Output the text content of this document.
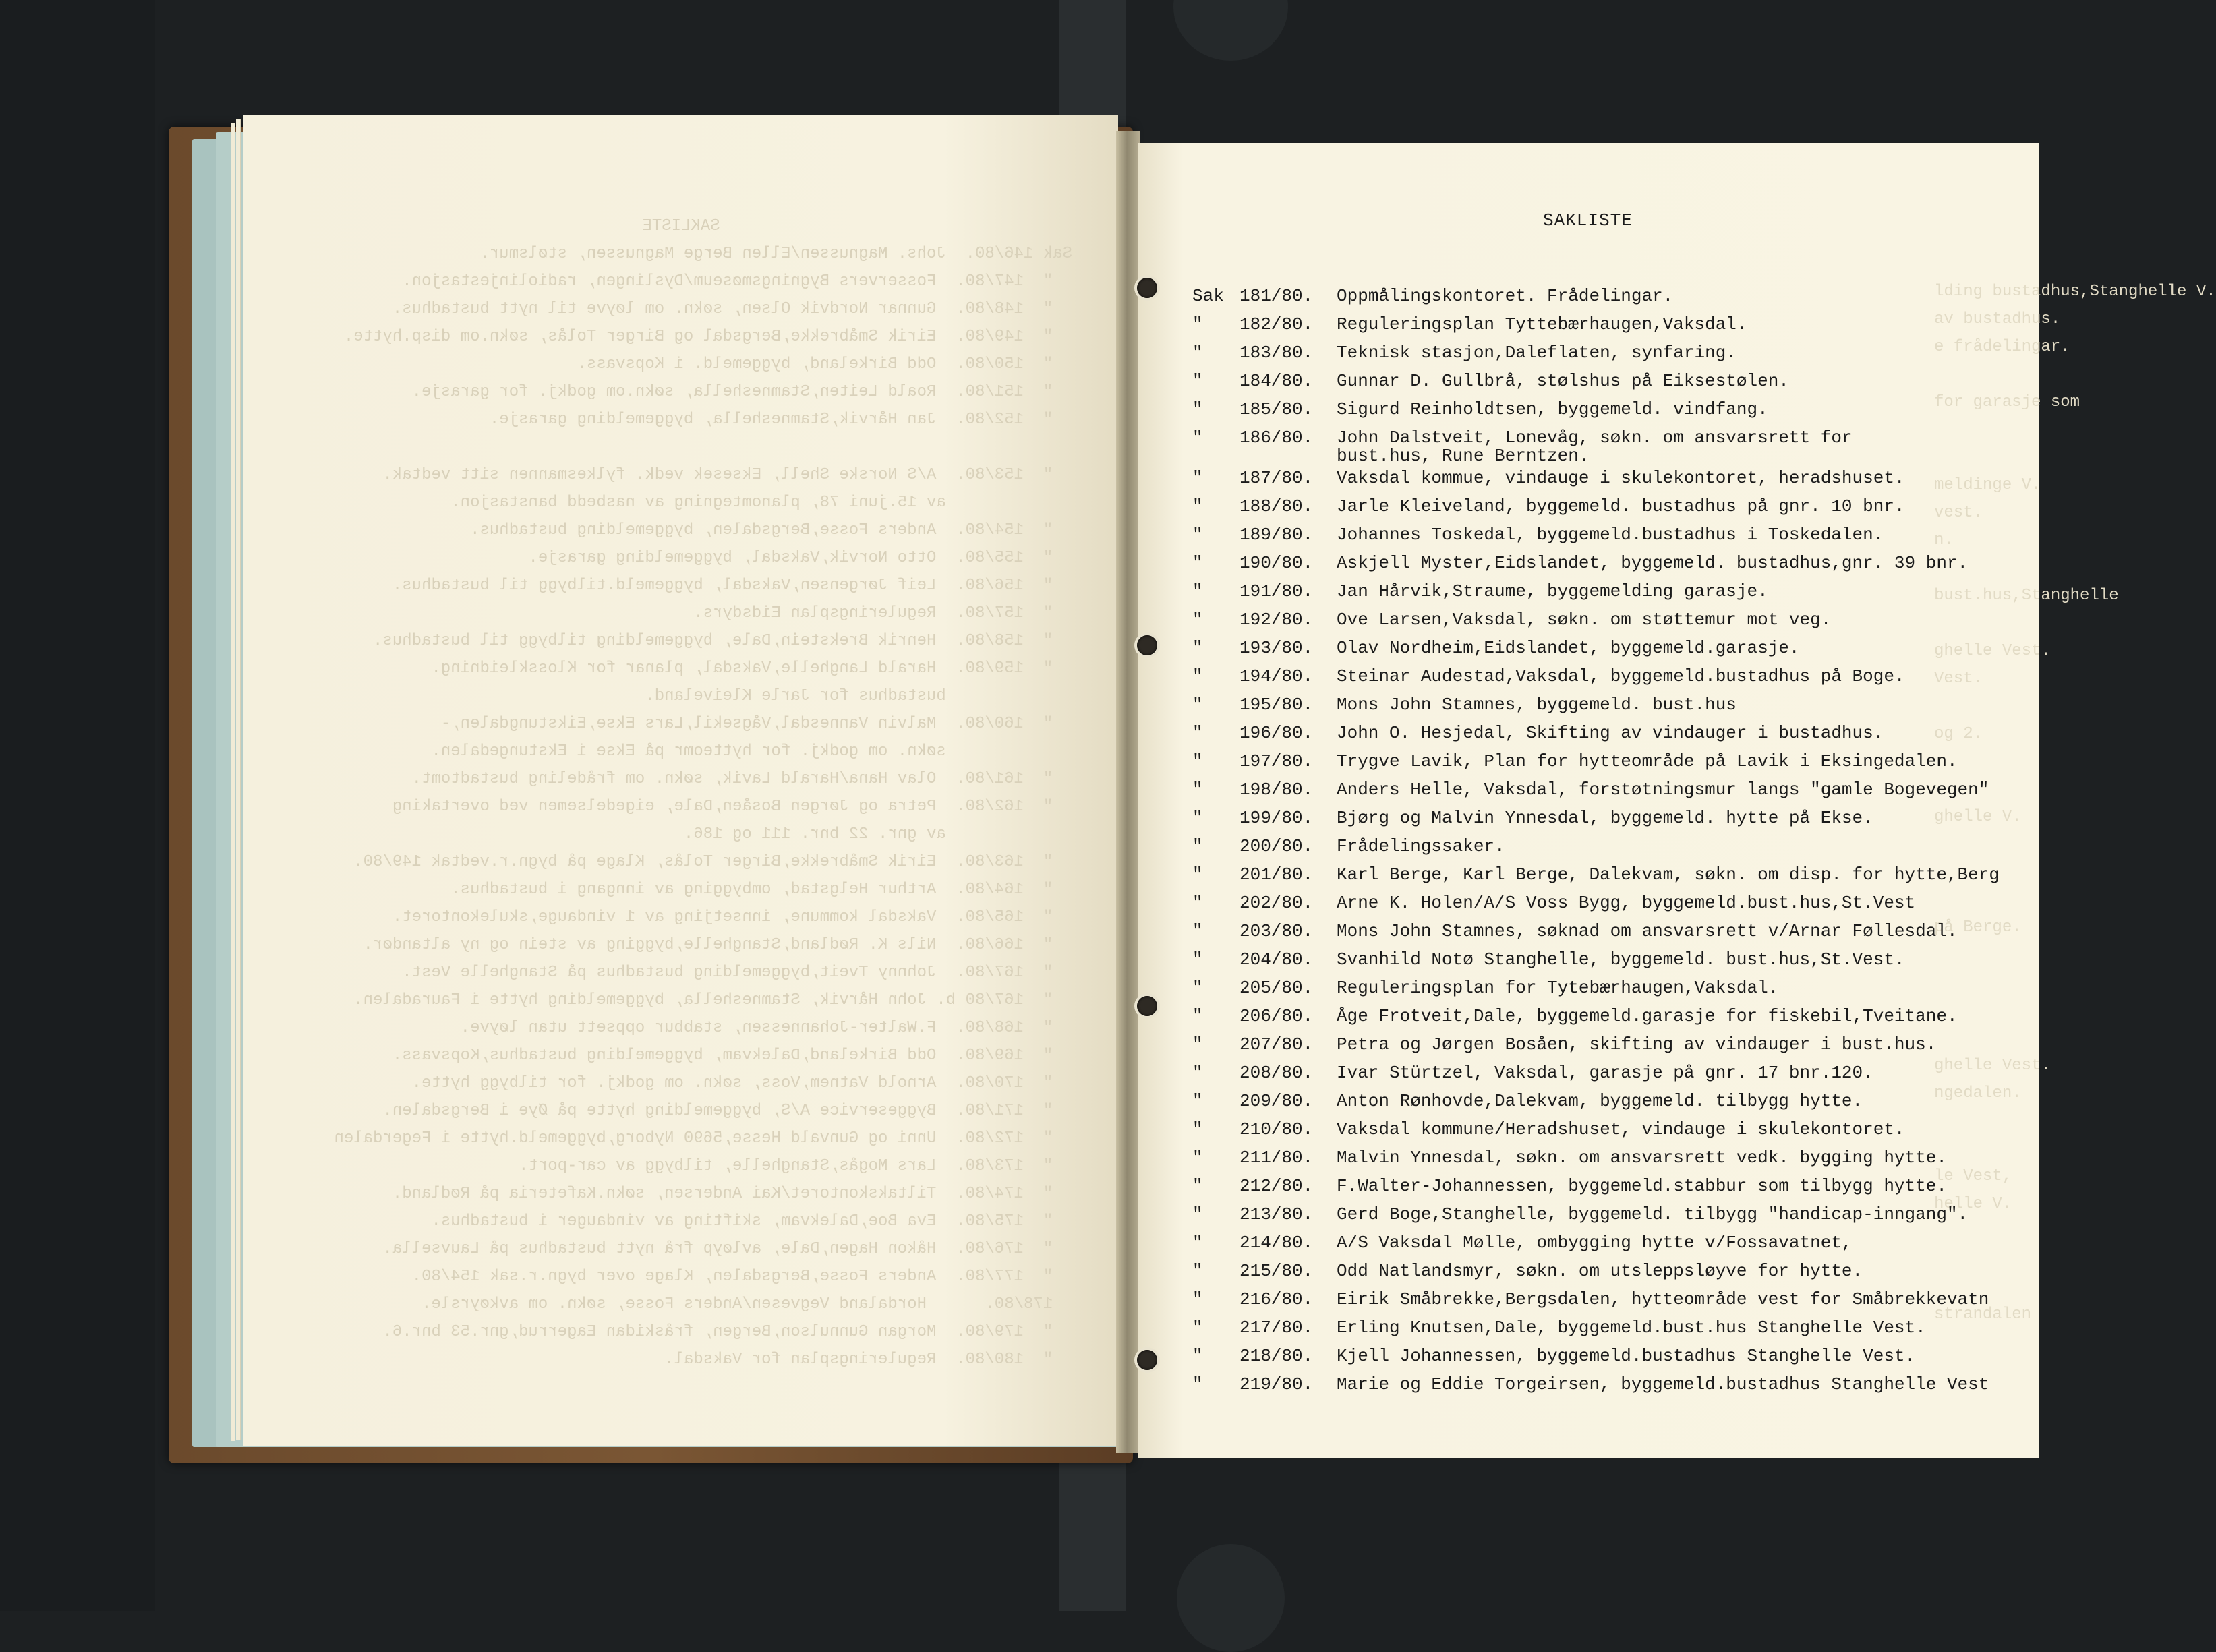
SAKLISTE
Sak 146/80.  Johs. Magnussen/Ellen Berge Magnussen, stølsmur.
"  147/80.  Fosservers Bygningsmøseum/Dyslingen, radiolinjestasjon.
"  148/80.  Gunnar Nordvik Olsen, søkn. om løyve til nytt bustadhus.
"  149/80.  Eirik Småbrekke,Bergsdal og Birger Tolås, søkn.om disp.hytte.
"  150/80.  Odd Birkeland, byggemeld. i Kopsvass.
"  151/80.  Roald Leiten,Stamneshella, søkn.om godkj. for garasje.
"  152/80.  Jan Hårvik,Stamneshella, byggemelding garasje.
"  153/80.  A/S Norske Shell, Eksesek vedk. fylkesmannen sitt vedtak.
av 15.juni 78, planomtegning av nasbedd banstasjon.
"  154/80.  Anders Fosse,Bergsdalen, byggemelding bustadhus.
"  155/80.  Otto Norvik,Vaksdal, byggemelding garasje.
"  156/80.  Leif Jørgensen,Vaksdal, byggemeld.tilbygg til bustadhus.
"  157/80.  Reguleringsplan Eidsdyrs.
"  158/80.  Henrik Brekstein,Dale, byggemelding tilbygg til bustadhus.
"  159/80.  Harald Langhelle,Vaksdal, planar for Klosskleidning.
bustadhus for Jarle Kleiveland.
"  160/80.  Malvin Vannesdal,Vågsekil,Lars Ekse,Eikstungdalen,-
søkn. om godkj. for hytteomr på Ekse i Ekstungedalen.
"  161/80.  Olav Hana/Harald Lavik, søkn. om frådeling bustadtomt.
"  162/80.  Petra og Jørgen Bosåen,Dale, eigedelsemen ved overtaking
av gnr. 22 bnr. 111 og 186.
"  163/80.  Eirik Småbrekke,Birger Tolås, Klage på bygn.r.vedtak 149/80.
"  164/80.  Arthur Helgstad, ombygging av inngang i bustadhus.
"  165/80.  Vaksdal kommune, innsetjing av 1 vindauge,skulekontoret.
"  166/80.  Nils K. Rødland,Stanghelle,bygging av stein og ny altandør.
"  167/80.  Johnny Tveit,byggemelding bustadhus på Stanghelle Vest.
"  167/80 b. John Hårvik, Stamneshella, byggemelding hytte i Fauradalen.
"  168/80.  F.Walter-Johannessen, stabbur oppsett utan løyve.
"  169/80.  Odd Birkeland,Dalekvam, byggemelding bustadhus,Kopsvass.
"  170/80.  Arnold Vatnem,Voss, søkn. om godkj. for tilbygg hytte.
"  171/80.  Byggeservice A/S, byggemelding hytte på Øye i Bergsdalen.
"  172/80.  Unni og Gunvald Hesse,5690 Nyborg,byggemeld.hytte i Fegerdalen
"  173/80.  Lars Mogås,Stanghelle, tilbygg av car-port.
"  174/80.  Tiltakskontoret/Kai Andersen, søkn.Kafeteria på Rødland.
"  175/80.  Eva Boe,Dalekvam, skifting av vindauger i bustadhus.
"  176/80.  Håkon Hagen,Dale, avløyp frå nytt bustadhus på Lauvsella.
"  177/80.  Anders Fosse,Bergsdalen, Klage over bygn.r.sak 154/80.
178/80.      Hordaland Vegvesen/Anders Fosse, søkn. om avkøyrsle.
"  179/80.  Morgan Gunnulson,Bergen, fråskidan Eagerrud,gnr.53 bnr.6.
"  180/80.  Reguleringsplan for Vaksdal.
lding bustadhus,Stanghelle V.
av bustadhus.
e frådelingar.
for garasje som
meldinge V.
vest.
n.
bust.hus,Stanghelle
ghelle Vest.
Vest.
og 2.
ghelle V.
på Berge.
ghelle Vest.
ngedalen.
le Vest,
helle V.
strandalen
SAKLISTE
Sak 181/80.	Oppmålingskontoret. Frådelingar.
"	182/80.	Reguleringsplan Tyttebærhaugen,Vaksdal.
"	183/80.	Teknisk stasjon,Daleflaten, synfaring.
"	184/80.	Gunnar D. Gullbrå, stølshus på Eiksestølen.
"	185/80.	Sigurd Reinholdtsen, byggemeld. vindfang.
"	186/80.	John Dalstveit, Lonevåg, søkn. om ansvarsrett for
bust.hus, Rune Berntzen.
"	187/80.	Vaksdal kommue, vindauge i skulekontoret, heradshuset.
"	188/80.	Jarle Kleiveland, byggemeld. bustadhus på gnr. 10 bnr.
"	189/80.	Johannes Toskedal, byggemeld.bustadhus i Toskedalen.
"	190/80.	Askjell Myster,Eidslandet, byggemeld. bustadhus,gnr. 39 bnr.
"	191/80.	Jan Hårvik,Straume, byggemelding garasje.
"	192/80.	Ove Larsen,Vaksdal, søkn. om støttemur mot veg.
"	193/80.	Olav Nordheim,Eidslandet, byggemeld.garasje.
"	194/80.	Steinar Audestad,Vaksdal, byggemeld.bustadhus på Boge.
"	195/80.	Mons John Stamnes, byggemeld. bust.hus
"	196/80.	John O. Hesjedal, Skifting av vindauger i bustadhus.
"	197/80.	Trygve Lavik, Plan for hytteområde på Lavik i Eksingedalen.
"	198/80.	Anders Helle, Vaksdal, forstøtningsmur langs "gamle Bogevegen"
"	199/80.	Bjørg og Malvin Ynnesdal, byggemeld. hytte på Ekse.
"	200/80.	Frådelingssaker.
"	201/80.	Karl Berge, Karl Berge, Dalekvam, søkn. om disp. for hytte,Berg
"	202/80.	Arne K. Holen/A/S Voss Bygg, byggemeld.bust.hus,St.Vest
"	203/80.	Mons John Stamnes, søknad om ansvarsrett v/Arnar Føllesdal.
"	204/80.	Svanhild Notø Stanghelle, byggemeld. bust.hus,St.Vest.
"	205/80.	Reguleringsplan for Tytebærhaugen,Vaksdal.
"	206/80.	Åge Frotveit,Dale, byggemeld.garasje for fiskebil,Tveitane.
"	207/80.	Petra og Jørgen Bosåen, skifting av vindauger i bust.hus.
"	208/80.	Ivar Stürtzel, Vaksdal, garasje på gnr. 17 bnr.120.
"	209/80.	Anton Rønhovde,Dalekvam, byggemeld. tilbygg hytte.
"	210/80.	Vaksdal kommune/Heradshuset, vindauge i skulekontoret.
"	211/80.	Malvin Ynnesdal, søkn. om ansvarsrett vedk. bygging hytte.
"	212/80.	F.Walter-Johannessen, byggemeld.stabbur som tilbygg hytte.
"	213/80.	Gerd Boge,Stanghelle, byggemeld. tilbygg "handicap-inngang".
"	214/80.	A/S Vaksdal Mølle, ombygging hytte v/Fossavatnet,
"	215/80.	Odd Natlandsmyr, søkn. om utsleppsløyve for hytte.
"	216/80.	Eirik Småbrekke,Bergsdalen, hytteområde vest for Småbrekkevatn
"	217/80.	Erling Knutsen,Dale, byggemeld.bust.hus Stanghelle Vest.
"	218/80.	Kjell Johannessen, byggemeld.bustadhus Stanghelle Vest.
"	219/80.	Marie og Eddie Torgeirsen, byggemeld.bustadhus Stanghelle Vest
